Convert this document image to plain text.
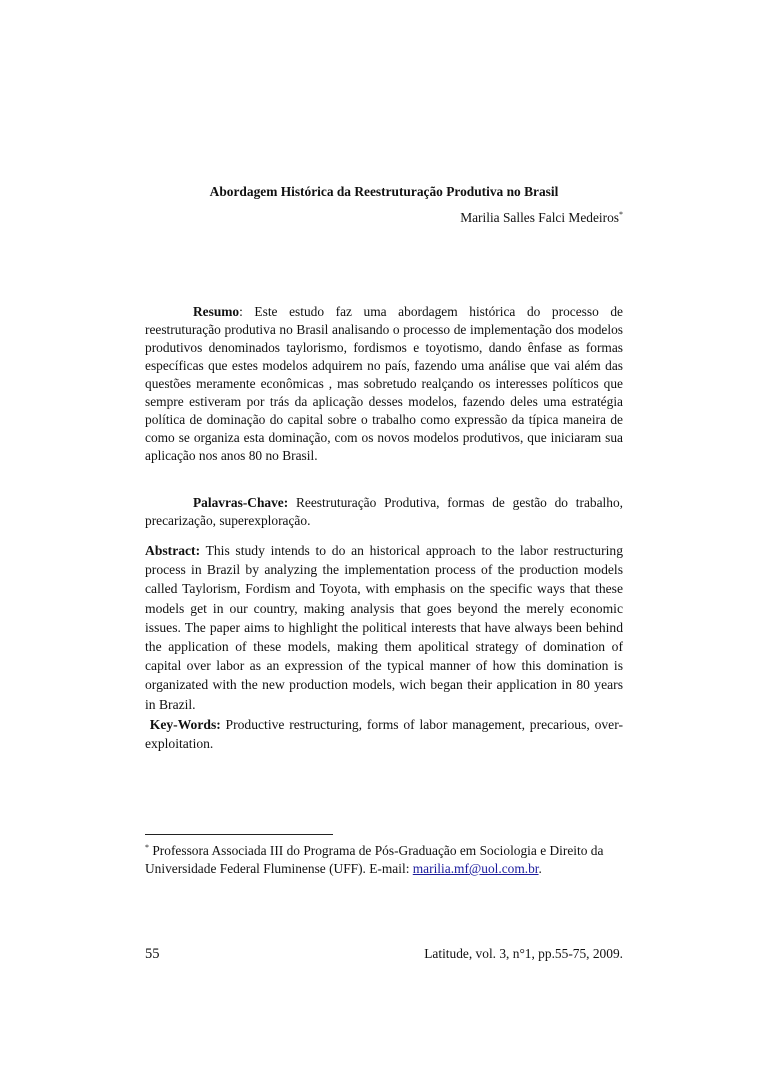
Abordagem Histórica da Reestruturação Produtiva no Brasil

Marilia Salles Falci Medeiros*

Resumo: Este estudo faz uma abordagem histórica do processo de reestruturação produtiva no Brasil analisando o processo de implementação dos modelos produtivos denominados taylorismo, fordismos e toyotismo, dando ênfase as formas específicas que estes modelos adquirem no país, fazendo uma análise que vai além das questões meramente econômicas , mas sobretudo realçando os interesses políticos que sempre estiveram por trás da aplicação desses modelos, fazendo deles uma estratégia política de dominação do capital sobre o trabalho como expressão da típica maneira de como se organiza esta dominação, com os novos modelos produtivos, que iniciaram sua aplicação nos anos 80 no Brasil.

Palavras-Chave: Reestruturação Produtiva, formas de gestão do trabalho, precarização, superexploração.

Abstract: This study intends to do an historical approach to the labor restructuring process in Brazil by analyzing the implementation process of the production models called Taylorism, Fordism and Toyota, with emphasis on the specific ways that these models get in our country, making analysis that goes beyond the merely economic issues. The paper aims to highlight the political interests that have always been behind the application of these models, making them apolitical strategy of domination of capital over labor as an expression of the typical manner of how this domination is organizated with the new production models, wich began their application in 80 years in Brazil.

Key-Words: Productive restructuring, forms of labor management, precarious, over-exploitation.

* Professora Associada III do Programa de Pós-Graduação em Sociologia e Direito da Universidade Federal Fluminense (UFF). E-mail: marilia.mf@uol.com.br.

55	Latitude, vol. 3, n°1, pp.55-75, 2009.
